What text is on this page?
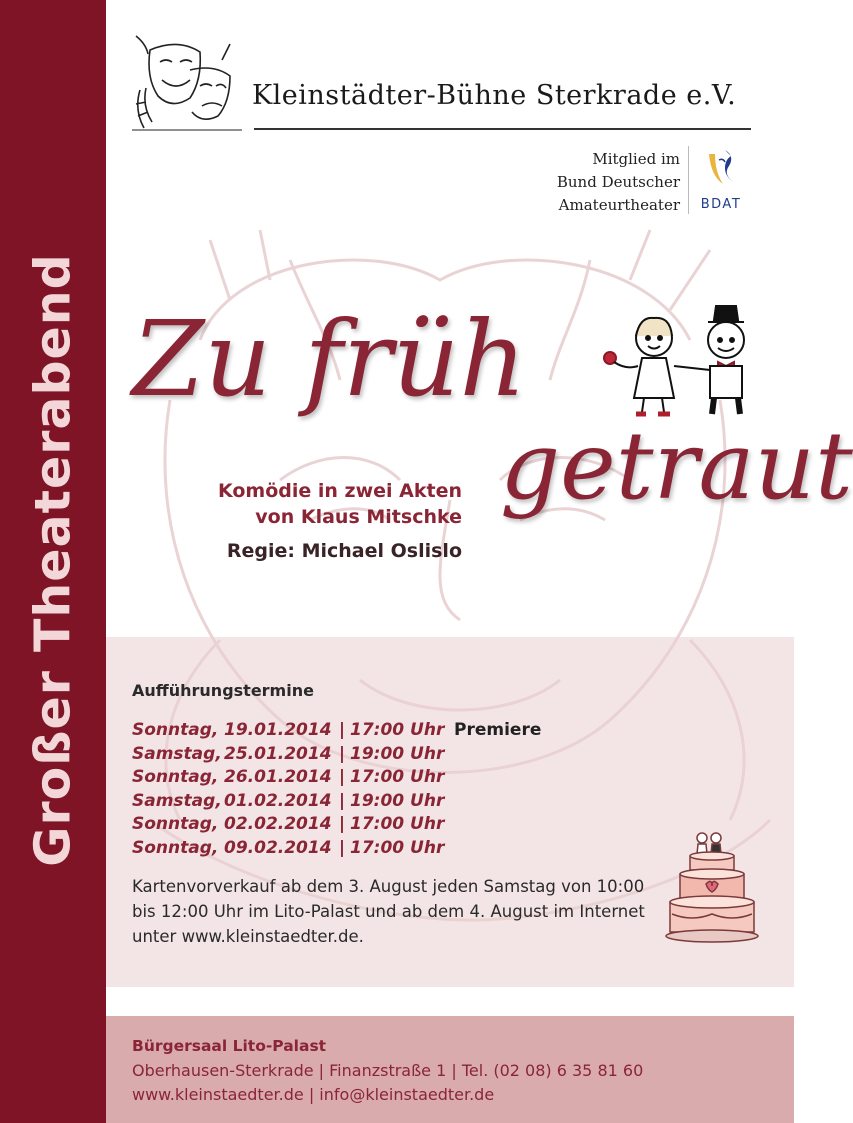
Großer Theaterabend
Kleinstädter-Bühne Sterkrade e.V.
Mitglied im
Bund Deutscher
Amateurtheater	BDAT
Zu früh
getraut
Komödie in zwei Akten
von Klaus Mitschke
Regie: Michael Oslislo
Aufführungstermine
Sonntag, 19.01.2014 | 17:00 Uhr Premiere
Samstag, 25.01.2014 | 19:00 Uhr
Sonntag, 26.01.2014 | 17:00 Uhr
Samstag, 01.02.2014 | 19:00 Uhr
Sonntag, 02.02.2014 | 17:00 Uhr
Sonntag, 09.02.2014 | 17:00 Uhr
Kartenvorverkauf ab dem 3. August jeden Samstag von 10:00 bis 12:00 Uhr im Lito-Palast und ab dem 4. August im Internet unter www.kleinstaedter.de.
Bürgersaal Lito-Palast
Oberhausen-Sterkrade | Finanzstraße 1 | Tel. (02 08) 6 35 81 60
www.kleinstaedter.de | info@kleinstaedter.de
